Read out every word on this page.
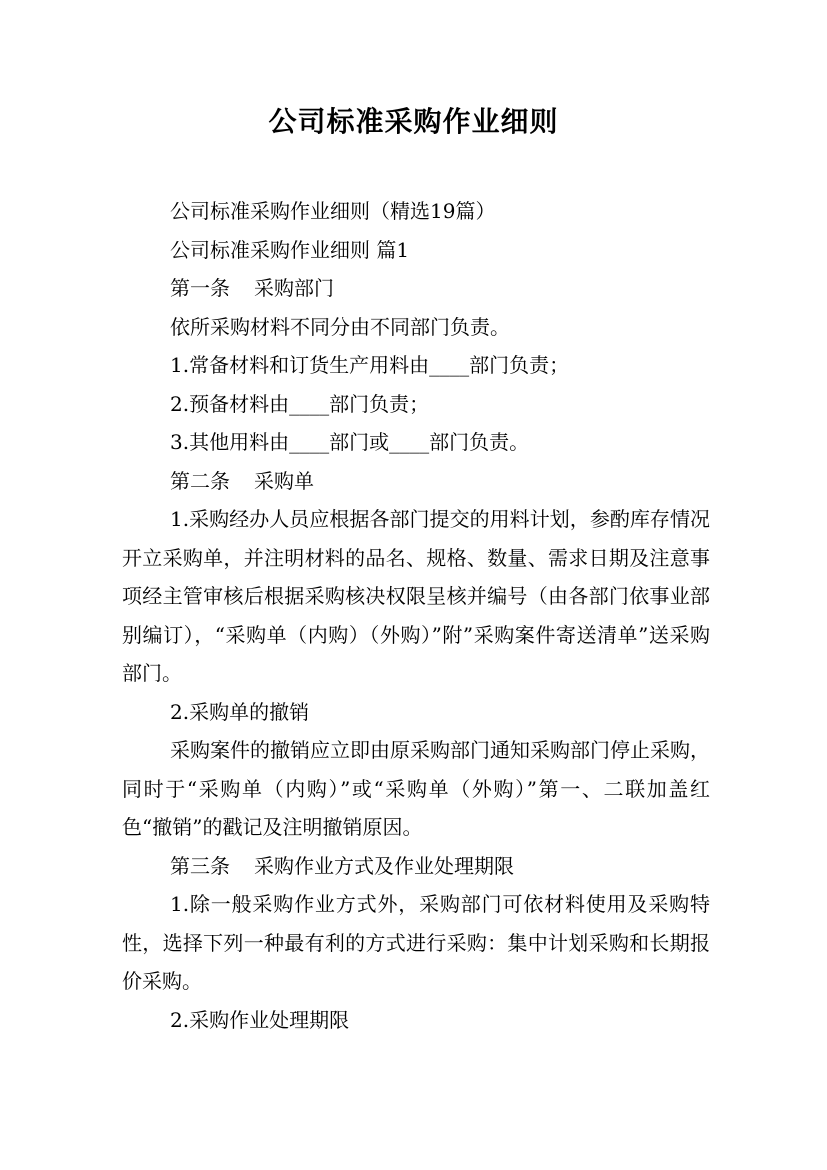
公司标准采购作业细则

公司标准采购作业细则（精选19篇）

公司标准采购作业细则 篇1

第一条 采购部门

依所采购材料不同分由不同部门负责。

1.常备材料和订货生产用料由____部门负责；

2.预备材料由____部门负责；

3.其他用料由____部门或____部门负责。

第二条 采购单

1.采购经办人员应根据各部门提交的用料计划，参酌库存情况开立采购单，并注明材料的品名、规格、数量、需求日期及注意事项经主管审核后根据采购核决权限呈核并编号（由各部门依事业部别编订），“采购单（内购）（外购）”附”采购案件寄送清单”送采购部门。

2.采购单的撤销

采购案件的撤销应立即由原采购部门通知采购部门停止采购，同时于“采购单（内购）”或“采购单（外购）”第一、二联加盖红色“撤销”的戳记及注明撤销原因。

第三条 采购作业方式及作业处理期限

1.除一般采购作业方式外，采购部门可依材料使用及采购特性，选择下列一种最有利的方式进行采购：集中计划采购和长期报价采购。

2.采购作业处理期限
